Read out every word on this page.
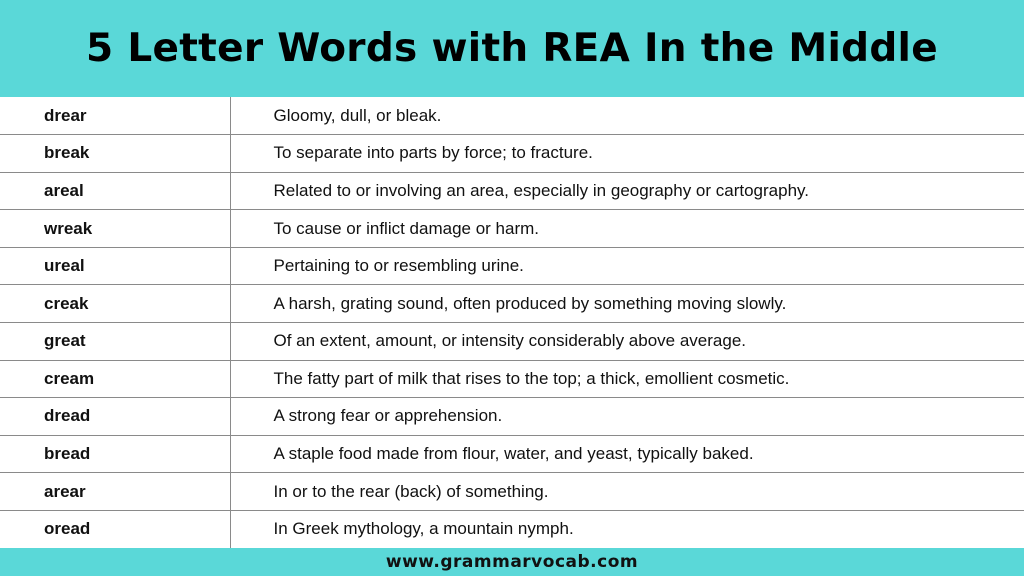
5 Letter Words with REA In the Middle
drear	Gloomy, dull, or bleak.
break	To separate into parts by force; to fracture.
areal	Related to or involving an area, especially in geography or cartography.
wreak	To cause or inflict damage or harm.
ureal	Pertaining to or resembling urine.
creak	A harsh, grating sound, often produced by something moving slowly.
great	Of an extent, amount, or intensity considerably above average.
cream	The fatty part of milk that rises to the top; a thick, emollient cosmetic.
dread	A strong fear or apprehension.
bread	A staple food made from flour, water, and yeast, typically baked.
arear	In or to the rear (back) of something.
oread	In Greek mythology, a mountain nymph.
www.grammarvocab.com
